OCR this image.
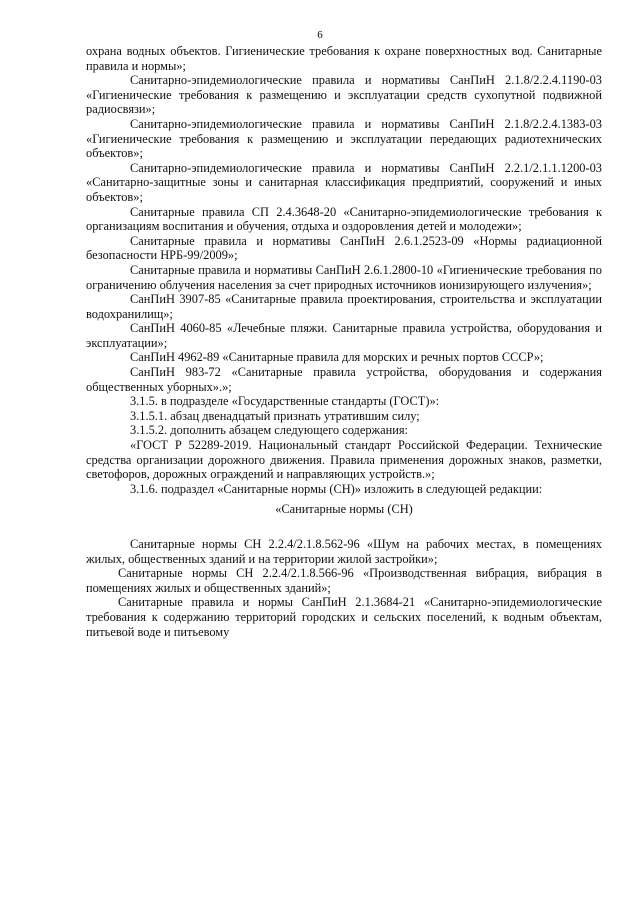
6

охрана водных объектов. Гигиенические требования к охране поверхностных вод. Санитарные правила и нормы»;

Санитарно-эпидемиологические правила и нормативы СанПиН 2.1.8/2.2.4.1190-03 «Гигиенические требования к размещению и эксплуатации средств сухопутной подвижной радиосвязи»;

Санитарно-эпидемиологические правила и нормативы СанПиН 2.1.8/2.2.4.1383-03 «Гигиенические требования к размещению и эксплуатации передающих радиотехнических объектов»;

Санитарно-эпидемиологические правила и нормативы СанПиН 2.2.1/2.1.1.1200-03 «Санитарно-защитные зоны и санитарная классификация предприятий, сооружений и иных объектов»;

Санитарные правила СП 2.4.3648-20 «Санитарно-эпидемиологические требования к организациям воспитания и обучения, отдыха и оздоровления детей и молодежи»;

Санитарные правила и нормативы СанПиН 2.6.1.2523-09 «Нормы радиационной безопасности НРБ-99/2009»;

Санитарные правила и нормативы СанПиН 2.6.1.2800-10 «Гигиенические требования по ограничению облучения населения за счет природных источников ионизирующего излучения»;

СанПиН 3907-85 «Санитарные правила проектирования, строительства и эксплуатации водохранилищ»;

СанПиН 4060-85 «Лечебные пляжи. Санитарные правила устройства, оборудования и эксплуатации»;

СанПиН 4962-89 «Санитарные правила для морских и речных портов СССР»;

СанПиН 983-72 «Санитарные правила устройства, оборудования и содержания общественных уборных».»;

3.1.5. в подразделе «Государственные стандарты (ГОСТ)»:

3.1.5.1. абзац двенадцатый признать утратившим силу;

3.1.5.2. дополнить абзацем следующего содержания:

«ГОСТ Р 52289-2019. Национальный стандарт Российской Федерации. Технические средства организации дорожного движения. Правила применения дорожных знаков, разметки, светофоров, дорожных ограждений и направляющих устройств.»;

3.1.6. подраздел «Санитарные нормы (СН)» изложить в следующей редакции:

«Санитарные нормы (СН)

Санитарные нормы СН 2.2.4/2.1.8.562-96 «Шум на рабочих местах, в помещениях жилых, общественных зданий и на территории жилой застройки»;

Санитарные нормы СН 2.2.4/2.1.8.566-96 «Производственная вибрация, вибрация в помещениях жилых и общественных зданий»;

Санитарные правила и нормы СанПиН 2.1.3684-21 «Санитарно-эпидемиологические требования к содержанию территорий городских и сельских поселений, к водным объектам, питьевой воде и питьевому
